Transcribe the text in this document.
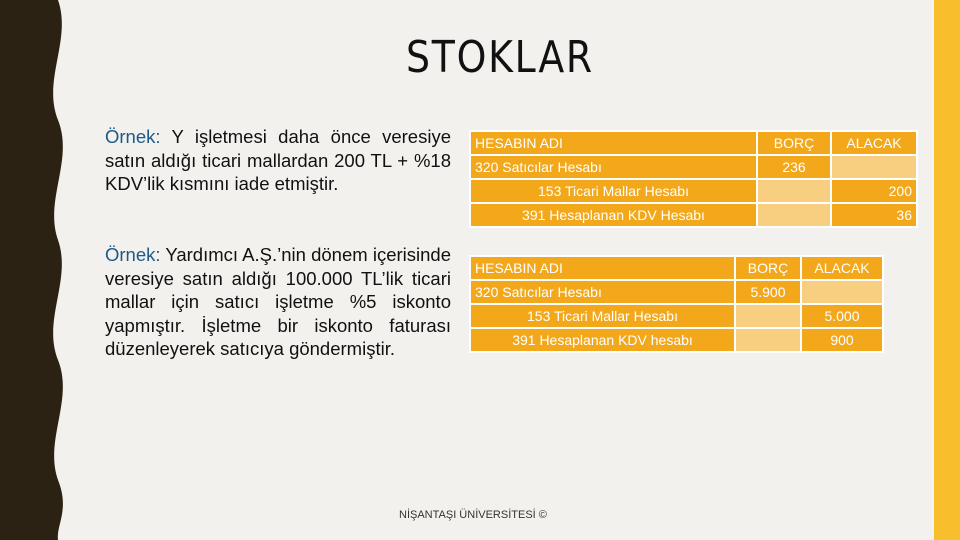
STOKLAR
Örnek: Y işletmesi daha önce veresiye satın aldığı ticari mallardan 200 TL + %18 KDV’lik kısmını iade etmiştir.
Örnek: Yardımcı A.Ş.’nin dönem içerisinde veresiye satın aldığı 100.000 TL’lik ticari mallar için satıcı işletme %5 iskonto yapmıştır. İşletme bir iskonto faturası düzenleyerek satıcıya göndermiştir.
HESABIN ADI	BORÇ	ALACAK
320 Satıcılar Hesabı	236	
153 Ticari Mallar Hesabı		200
391 Hesaplanan KDV Hesabı		36
HESABIN ADI	BORÇ	ALACAK
320 Satıcılar Hesabı	5.900	
153 Ticari Mallar Hesabı		5.000
391 Hesaplanan KDV hesabı		900
NİŞANTAŞI ÜNİVERSİTESİ ©
